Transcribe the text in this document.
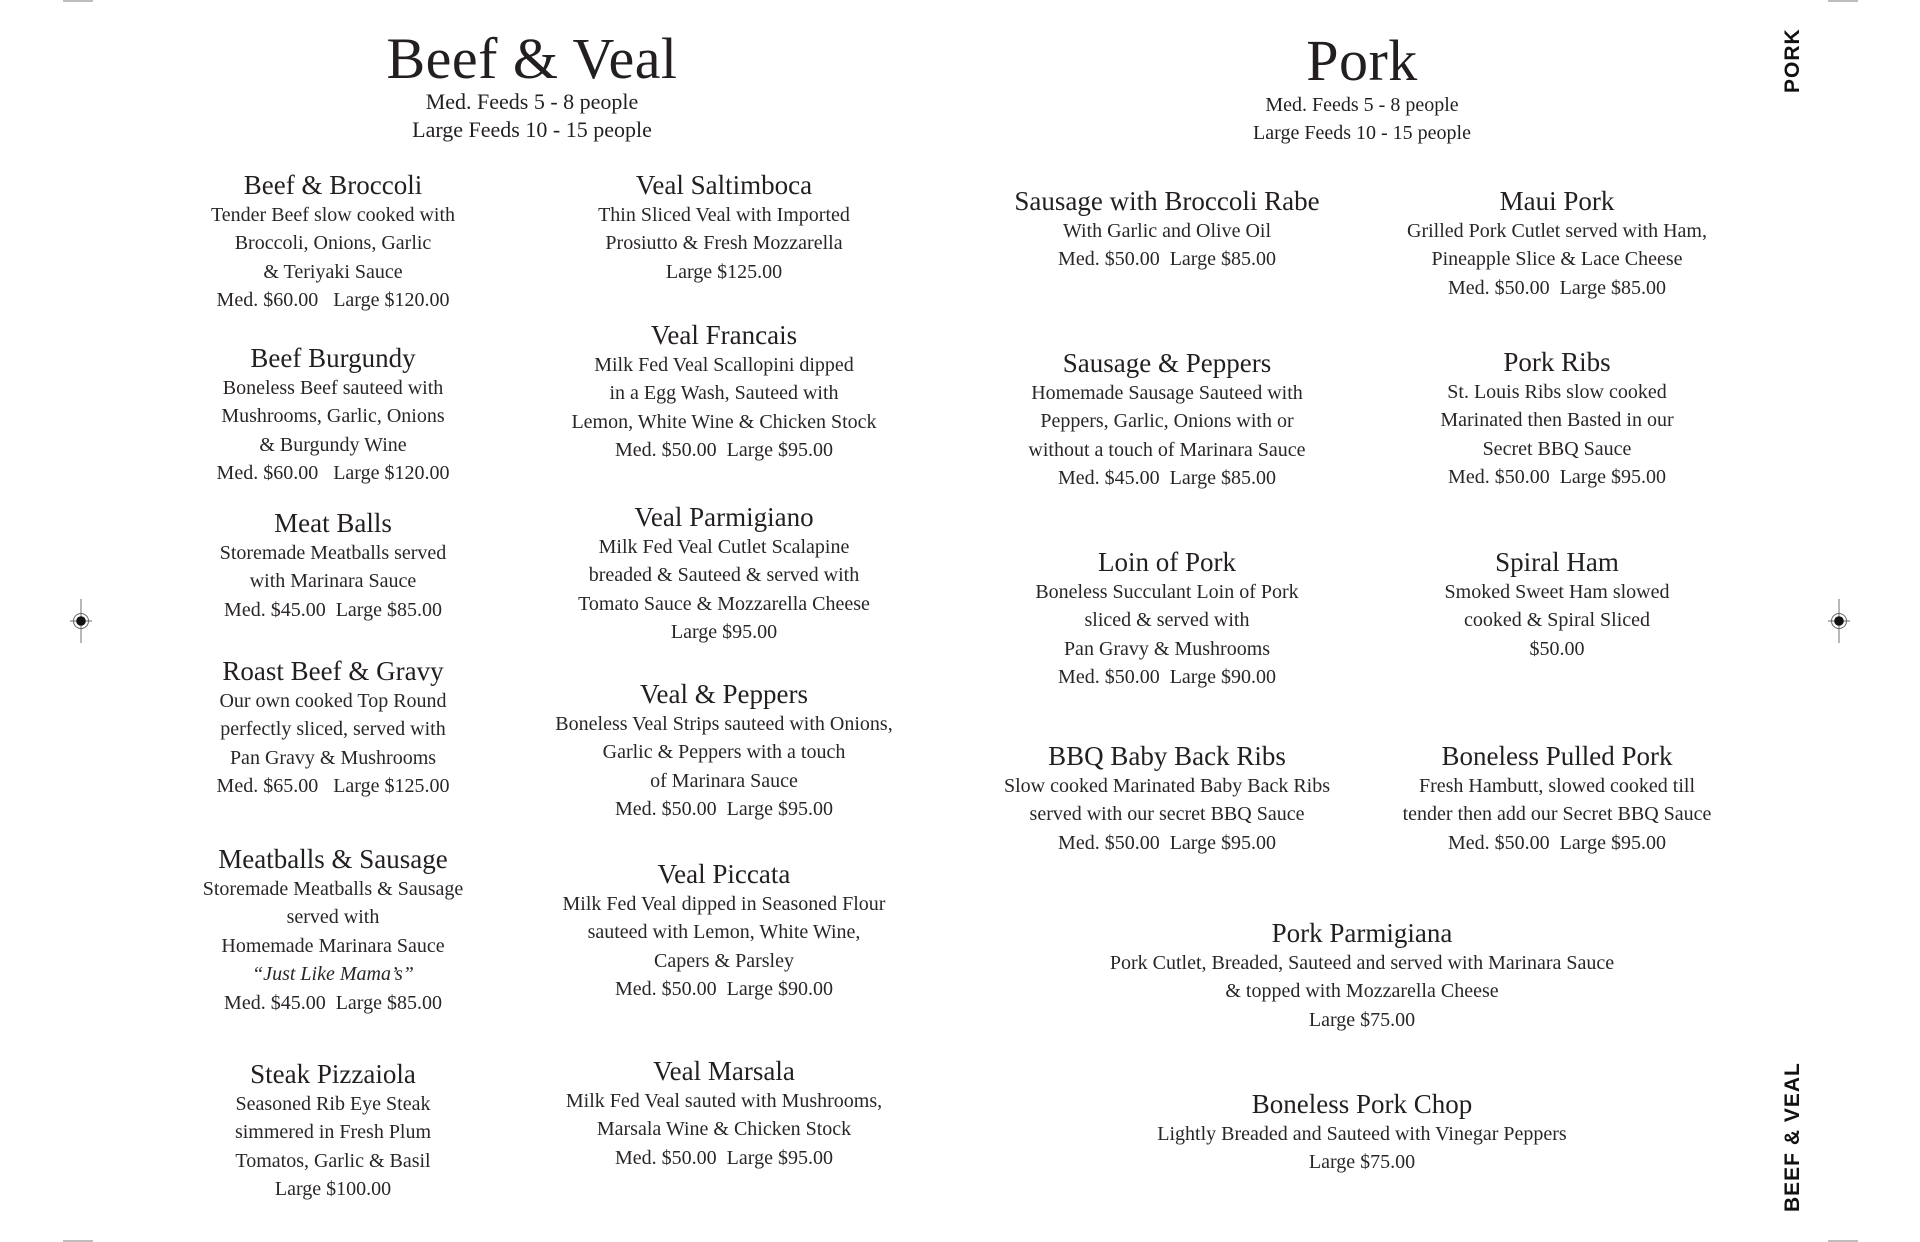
PORK
BEEF & VEAL
Beef & Veal
Med. Feeds 5 - 8 people
Large Feeds 10 - 15 people
Beef & Broccoli
Tender Beef slow cooked with
Broccoli, Onions, Garlic
& Teriyaki Sauce
Med. $60.00   Large $120.00
Beef Burgundy
Boneless Beef sauteed with
Mushrooms, Garlic, Onions
& Burgundy Wine
Med. $60.00   Large $120.00
Meat Balls
Storemade Meatballs served
with Marinara Sauce
Med. $45.00  Large $85.00
Roast Beef & Gravy
Our own cooked Top Round
perfectly sliced, served with
Pan Gravy & Mushrooms
Med. $65.00   Large $125.00
Meatballs & Sausage
Storemade Meatballs & Sausage
served with
Homemade Marinara Sauce
“Just Like Mama’s”
Med. $45.00  Large $85.00
Steak Pizzaiola
Seasoned Rib Eye Steak
simmered in Fresh Plum
Tomatos, Garlic & Basil
Large $100.00
Veal Saltimboca
Thin Sliced Veal with Imported
Prosiutto & Fresh Mozzarella
Large $125.00
Veal Francais
Milk Fed Veal Scallopini dipped
in a Egg Wash, Sauteed with
Lemon, White Wine & Chicken Stock
Med. $50.00  Large $95.00
Veal Parmigiano
Milk Fed Veal Cutlet Scalapine
breaded & Sauteed & served with
Tomato Sauce & Mozzarella Cheese
Large $95.00
Veal & Peppers
Boneless Veal Strips sauteed with Onions,
Garlic & Peppers with a touch
of Marinara Sauce
Med. $50.00  Large $95.00
Veal Piccata
Milk Fed Veal dipped in Seasoned Flour
sauteed with Lemon, White Wine,
Capers & Parsley
Med. $50.00  Large $90.00
Veal Marsala
Milk Fed Veal sauted with Mushrooms,
Marsala Wine & Chicken Stock
Med. $50.00  Large $95.00
Pork
Med. Feeds 5 - 8 people
Large Feeds 10 - 15 people
Sausage with Broccoli Rabe
With Garlic and Olive Oil
Med. $50.00  Large $85.00
Sausage & Peppers
Homemade Sausage Sauteed with
Peppers, Garlic, Onions with or
without a touch of Marinara Sauce
Med. $45.00  Large $85.00
Loin of Pork
Boneless Succulant Loin of Pork
sliced & served with
Pan Gravy & Mushrooms
Med. $50.00  Large $90.00
BBQ Baby Back Ribs
Slow cooked Marinated Baby Back Ribs
served with our secret BBQ Sauce
Med. $50.00  Large $95.00
Maui Pork
Grilled Pork Cutlet served with Ham,
Pineapple Slice & Lace Cheese
Med. $50.00  Large $85.00
Pork Ribs
St. Louis Ribs slow cooked
Marinated then Basted in our
Secret BBQ Sauce
Med. $50.00  Large $95.00
Spiral Ham
Smoked Sweet Ham slowed
cooked & Spiral Sliced
$50.00
Boneless Pulled Pork
Fresh Hambutt, slowed cooked till
tender then add our Secret BBQ Sauce
Med. $50.00  Large $95.00
Pork Parmigiana
Pork Cutlet, Breaded, Sauteed and served with Marinara Sauce
& topped with Mozzarella Cheese
Large $75.00
Boneless Pork Chop
Lightly Breaded and Sauteed with Vinegar Peppers
Large $75.00
